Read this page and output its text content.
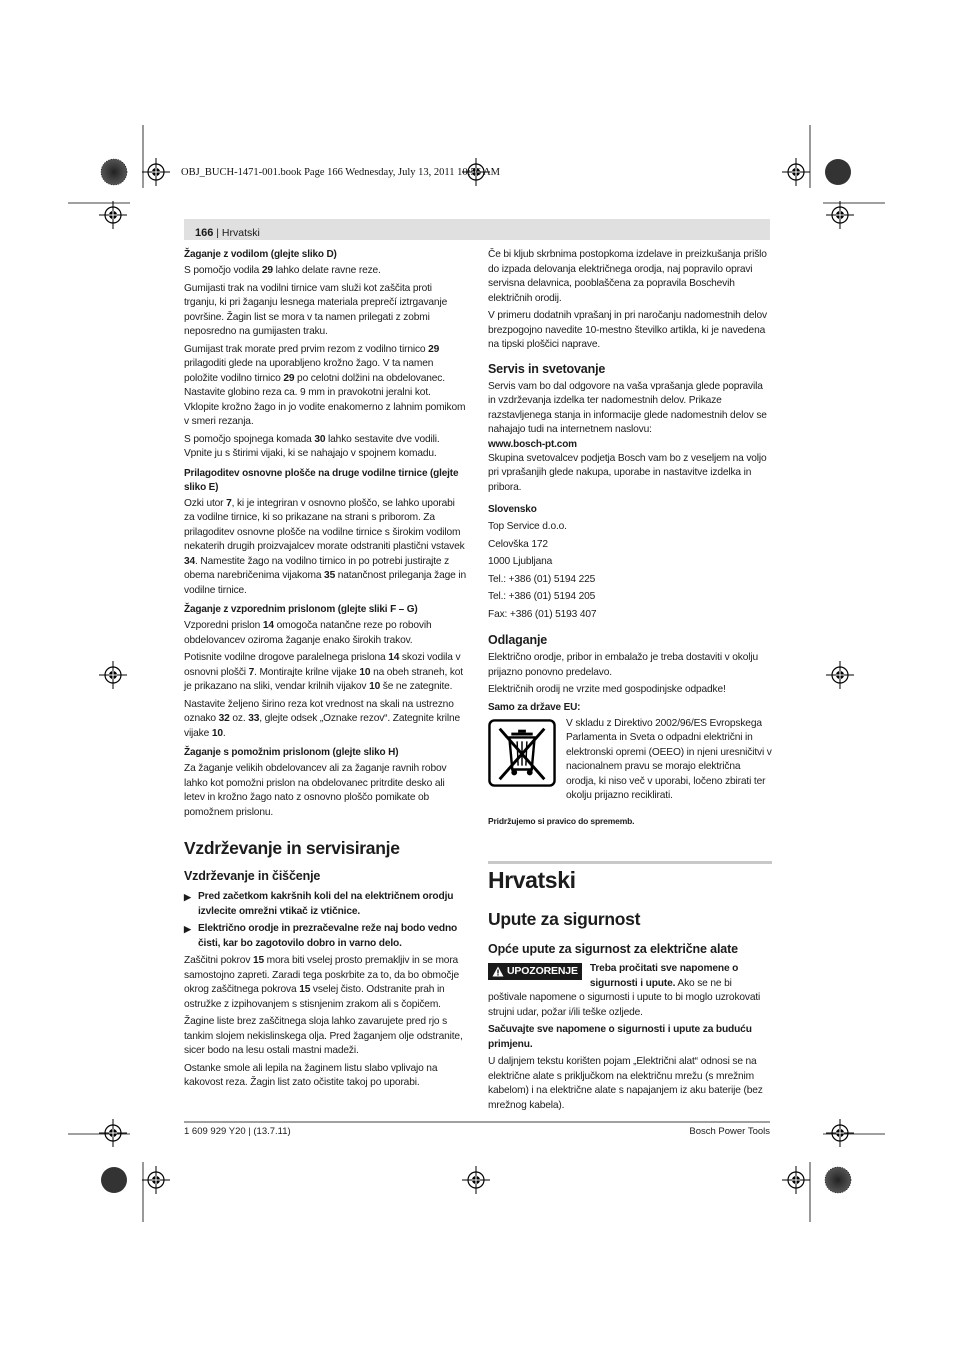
OBJ_BUCH-1471-001.book Page 166 Wednesday, July 13, 2011 10:56 AM
166 | Hrvatski
Žaganje z vodilom (glejte sliko D)

S pomočjo vodila 29 lahko delate ravne reze.

Gumijasti trak na vodilni tirnice vam služi kot zaščita proti trganju, ki pri žaganju lesnega materiala preprečí iztrgavanje površine. Žagin list se mora v ta namen prilegati z zobmi neposredno na gumijasten traku.

Gumijast trak morate pred prvim rezom z vodilno tirnico 29 prilagoditi glede na uporabljeno krožno žago. V ta namen položite vodilno tirnico 29 po celotni dolžini na obdelovanec. Nastavite globino reza ca. 9 mm in pravokotni jeralni kot. Vklopite krožno žago in jo vodite enakomerno z lahnim pomikom v smeri rezanja.

S pomočjo spojnega komada 30 lahko sestavite dve vodili. Vpnite ju s štirimi vijaki, ki se nahajajo v spojnem komadu.

Prilagoditev osnovne plošče na druge vodilne tirnice (glejte sliko E)

Ozki utor 7, ki je integriran v osnovno ploščo, se lahko uporabi za vodilne tirnice, ki so prikazane na strani s priborom. Za prilagoditev osnovne plošče na vodilne tirnice s širokim vodilom nekaterih drugih proizvajalcev morate odstraniti plastični vstavek 34. Namestite žago na vodilno tirnico in po potrebi justirajte z obema narebričenima vijakoma 35 natančnost prileganja žage in vodilne tirnice.

Žaganje z vzporednim prislonom (glejte sliki F – G)

Vzporedni prislon 14 omogoča natančne reze po robovih obdelovancev oziroma žaganje enako širokih trakov.

Potisnite vodilne drogove paralelnega prislona 14 skozi vodila v osnovni plošči 7. Montirajte krilne vijake 10 na obeh straneh, kot je prikazano na sliki, vendar krilnih vijakov 10 še ne zategnite.

Nastavite željeno širino reza kot vrednost na skali na ustrezno oznako 32 oz. 33, glejte odsek „Oznake rezov“. Zategnite krilne vijake 10.

Žaganje s pomožnim prislonom (glejte sliko H)

Za žaganje velikih obdelovancev ali za žaganje ravnih robov lahko kot pomožni prislon na obdelovanec pritrdite desko ali letev in krožno žago nato z osnovno ploščo pomikate ob pomožnem prislonu.

Vzdrževanje in servisiranje
Vzdrževanje in čiščenje
▶ Pred začetkom kakršnih koli del na električnem orodju izvlecite omrežni vtikač iz vtičnice.
▶ Električno orodje in prezračevalne reže naj bodo vedno čisti, kar bo zagotovilo dobro in varno delo.

Zaščitni pokrov 15 mora biti vselej prosto premakljiv in se mora samostojno zapreti. Zaradi tega poskrbite za to, da bo območje okrog zaščitnega pokrova 15 vselej čisto. Odstranite prah in ostružke z izpihovanjem s stisnjenim zrakom ali s čopičem.

Žagine liste brez zaščitnega sloja lahko zavarujete pred rjo s tankim slojem nekislinskega olja. Pred žaganjem olje odstranite, sicer bodo na lesu ostali mastni madeži.

Ostanke smole ali lepila na žaginem listu slabo vplivajo na kakovost reza. Žagin list zato očistite takoj po uporabi.

Če bi kljub skrbnima postopkoma izdelave in preizkušanja prišlo do izpada delovanja električnega orodja, naj popravilo opravi servisna delavnica, pooblaščena za popravila Boschevih električnih orodij.

V primeru dodatnih vprašanj in pri naročanju nadomestnih delov brezpogojno navedite 10-mestno številko artikla, ki je navedena na tipski ploščici naprave.

Servis in svetovanje

Servis vam bo dal odgovore na vaša vprašanja glede popravila in vzdrževanja izdelka ter nadomestnih delov. Prikaze razstavljenega stanja in informacije glede nadomestnih delov se nahajajo tudi na internetnem naslovu:

www.bosch-pt.com

Skupina svetovalcev podjetja Bosch vam bo z veseljem na voljo pri vprašanjih glede nakupa, uporabe in nastavitve izdelka in pribora.

Slovensko

Top Service d.o.o.

Celovška 172

1000 Ljubljana

Tel.: +386 (01) 5194 225

Tel.: +386 (01) 5194 205

Fax: +386 (01) 5193 407

Odlaganje

Električno orodje, pribor in embalažo je treba dostaviti v okolju prijazno ponovno predelavo.

Električnih orodij ne vrzite med gospodinjske odpadke!

Samo za države EU:
V skladu z Direktivo 2002/96/ES Evropskega Parlamenta in Sveta o odpadni električni in elektronski opremi (OEEO) in njeni uresničitvi v nacionalnem pravu se morajo električna orodja, ki niso več v uporabi, ločeno zbirati ter okolju prijazno reciklirati.
Pridržujemo si pravico do sprememb.
Hrvatski
Upute za sigurnost
Opće upute za sigurnost za električne alate
UPOZORENJE	Treba pročitati sve napomene o sigurnosti i upute. Ako se ne bi poštivale napomene o sigurnosti i upute to bi moglo uzrokovati strujni udar, požar i/ili teške ozljede.

Sačuvajte sve napomene o sigurnosti i upute za buduću primjenu.

U daljnjem tekstu korišten pojam „Električni alat“ odnosi se na električne alate s priključkom na električnu mrežu (s mrežnim kabelom) i na električne alate s napajanjem iz aku baterije (bez mrežnog kabela).

1 609 929 Y20 | (13.7.11)	Bosch Power Tools
